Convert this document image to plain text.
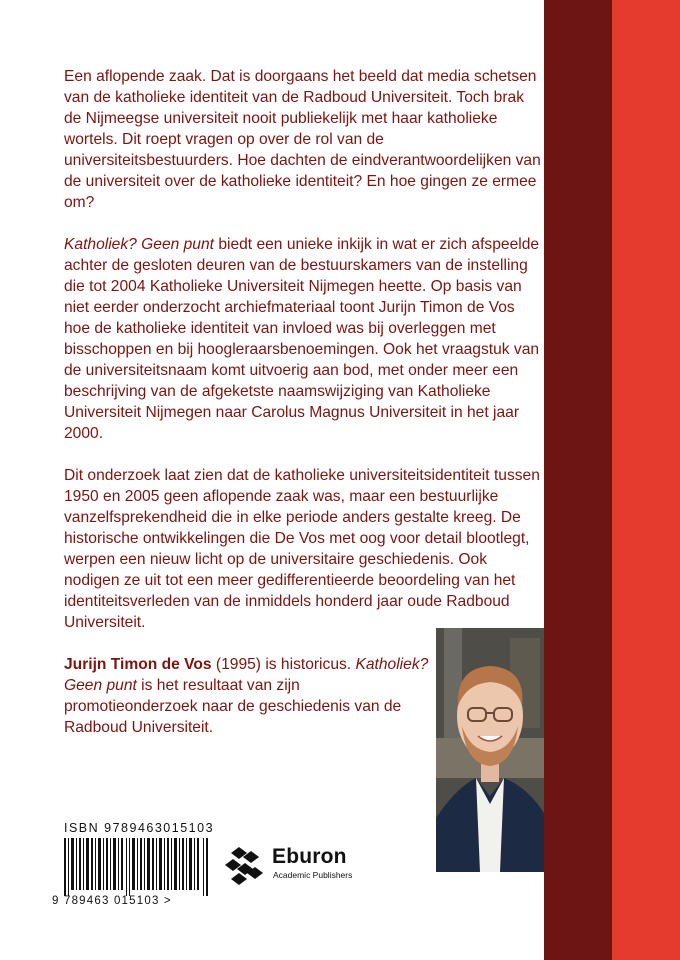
Een aflopende zaak. Dat is doorgaans het beeld dat media schetsen van de katholieke identiteit van de Radboud Universiteit. Toch brak de Nijmeegse universiteit nooit publiekelijk met haar katholieke wortels. Dit roept vragen op over de rol van de universiteitsbestuurders. Hoe dachten de eindverantwoordelijken van de universiteit over de katholieke identiteit? En hoe gingen ze ermee om?

Katholiek? Geen punt biedt een unieke inkijk in wat er zich afspeelde achter de gesloten deuren van de bestuurskamers van de instelling die tot 2004 Katholieke Universiteit Nijmegen heette. Op basis van niet eerder onderzocht archiefmateriaal toont Jurijn Timon de Vos hoe de katholieke identiteit van invloed was bij overleggen met bisschoppen en bij hoogleraarsbenoemingen. Ook het vraagstuk van de universiteitsnaam komt uitvoerig aan bod, met onder meer een beschrijving van de afgeketste naamswijziging van Katholieke Universiteit Nijmegen naar Carolus Magnus Universiteit in het jaar 2000.

Dit onderzoek laat zien dat de katholieke universiteitsidentiteit tussen 1950 en 2005 geen aflopende zaak was, maar een bestuurlijke vanzelfsprekendheid die in elke periode anders gestalte kreeg. De historische ontwikkelingen die De Vos met oog voor detail blootlegt, werpen een nieuw licht op de universitaire geschiedenis. Ook nodigen ze uit tot een meer gedifferentieerde beoordeling van het identiteitsverleden van de inmiddels honderd jaar oude Radboud Universiteit.

Jurijn Timon de Vos (1995) is historicus. Katholiek? Geen punt is het resultaat van zijn promotieonderzoek naar de geschiedenis van de Radboud Universiteit.

ISBN 9789463015103
9 789463 015103 >
Eburon
Academic Publishers
